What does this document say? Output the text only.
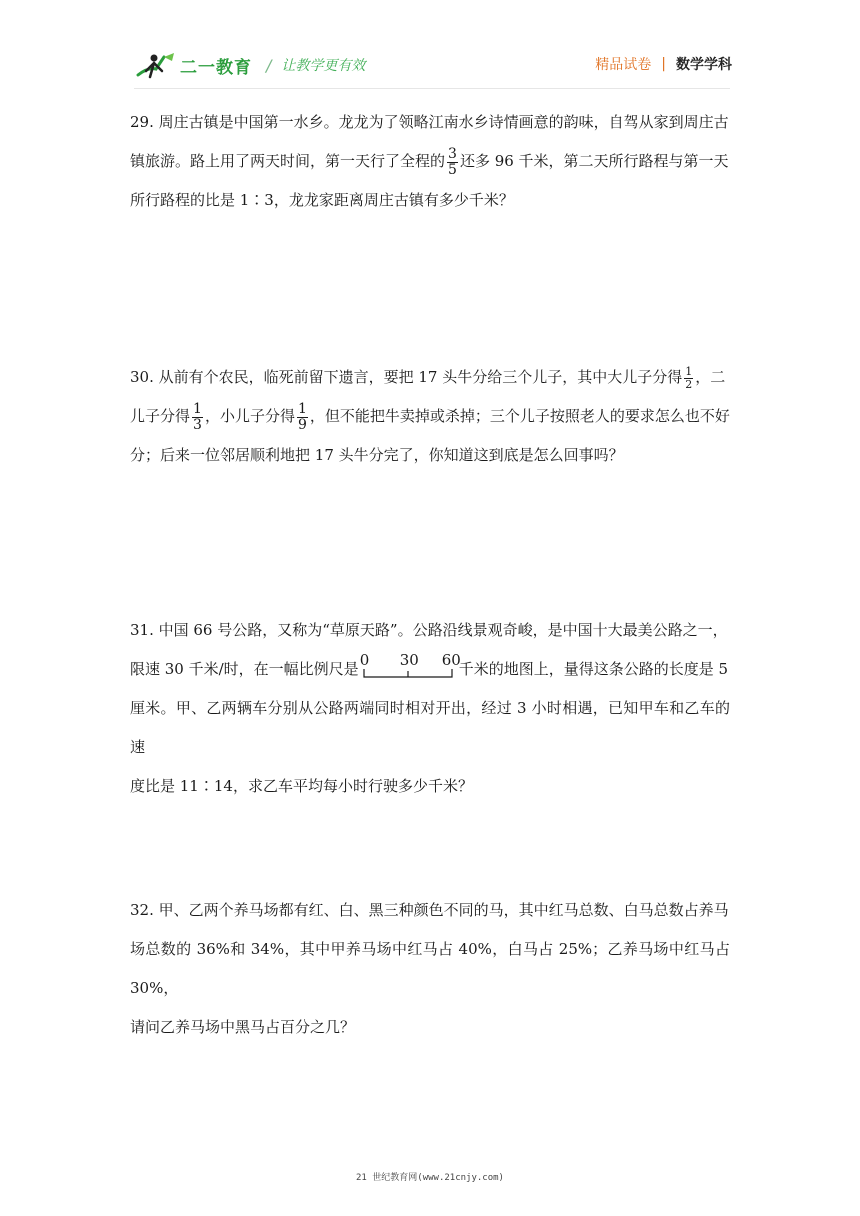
二一教育 / 让教学更有效	精品试卷 | 数学学科
29. 周庄古镇是中国第一水乡。龙龙为了领略江南水乡诗情画意的韵味，自驾从家到周庄古
镇旅游。路上用了两天时间，第一天行了全程的 $\frac{3}{5}$ 还多 96 千米，第二天所行路程与第一天
所行路程的比是 1∶3，龙龙家距离周庄古镇有多少千米？
30. 从前有个农民，临死前留下遗言，要把 17 头牛分给三个儿子，其中大儿子分得 $\frac{1}{2}$ ，二
儿子分得 $\frac{1}{3}$ ，小儿子分得 $\frac{1}{9}$ ，但不能把牛卖掉或杀掉；三个儿子按照老人的要求怎么也不好
分；后来一位邻居顺利地把 17 头牛分完了，你知道这到底是怎么回事吗？
31. 中国 66 号公路，又称为“草原天路”。公路沿线景观奇峻，是中国十大最美公路之一，
限速 30 千米/时，在一幅比例尺是 0 30 60
千米的地图上，量得这条公路的长度是 5
厘米。甲、乙两辆车分别从公路两端同时相对开出，经过 3 小时相遇，已知甲车和乙车的速
度比是 11∶14，求乙车平均每小时行驶多少千米？
32. 甲、乙两个养马场都有红、白、黑三种颜色不同的马，其中红马总数、白马总数占养马
场总数的 36%和 34%，其中甲养马场中红马占 40%，白马占 25%；乙养马场中红马占 30%，
请问乙养马场中黑马占百分之几？
21 世纪教育网(www.21cnjy.com)
